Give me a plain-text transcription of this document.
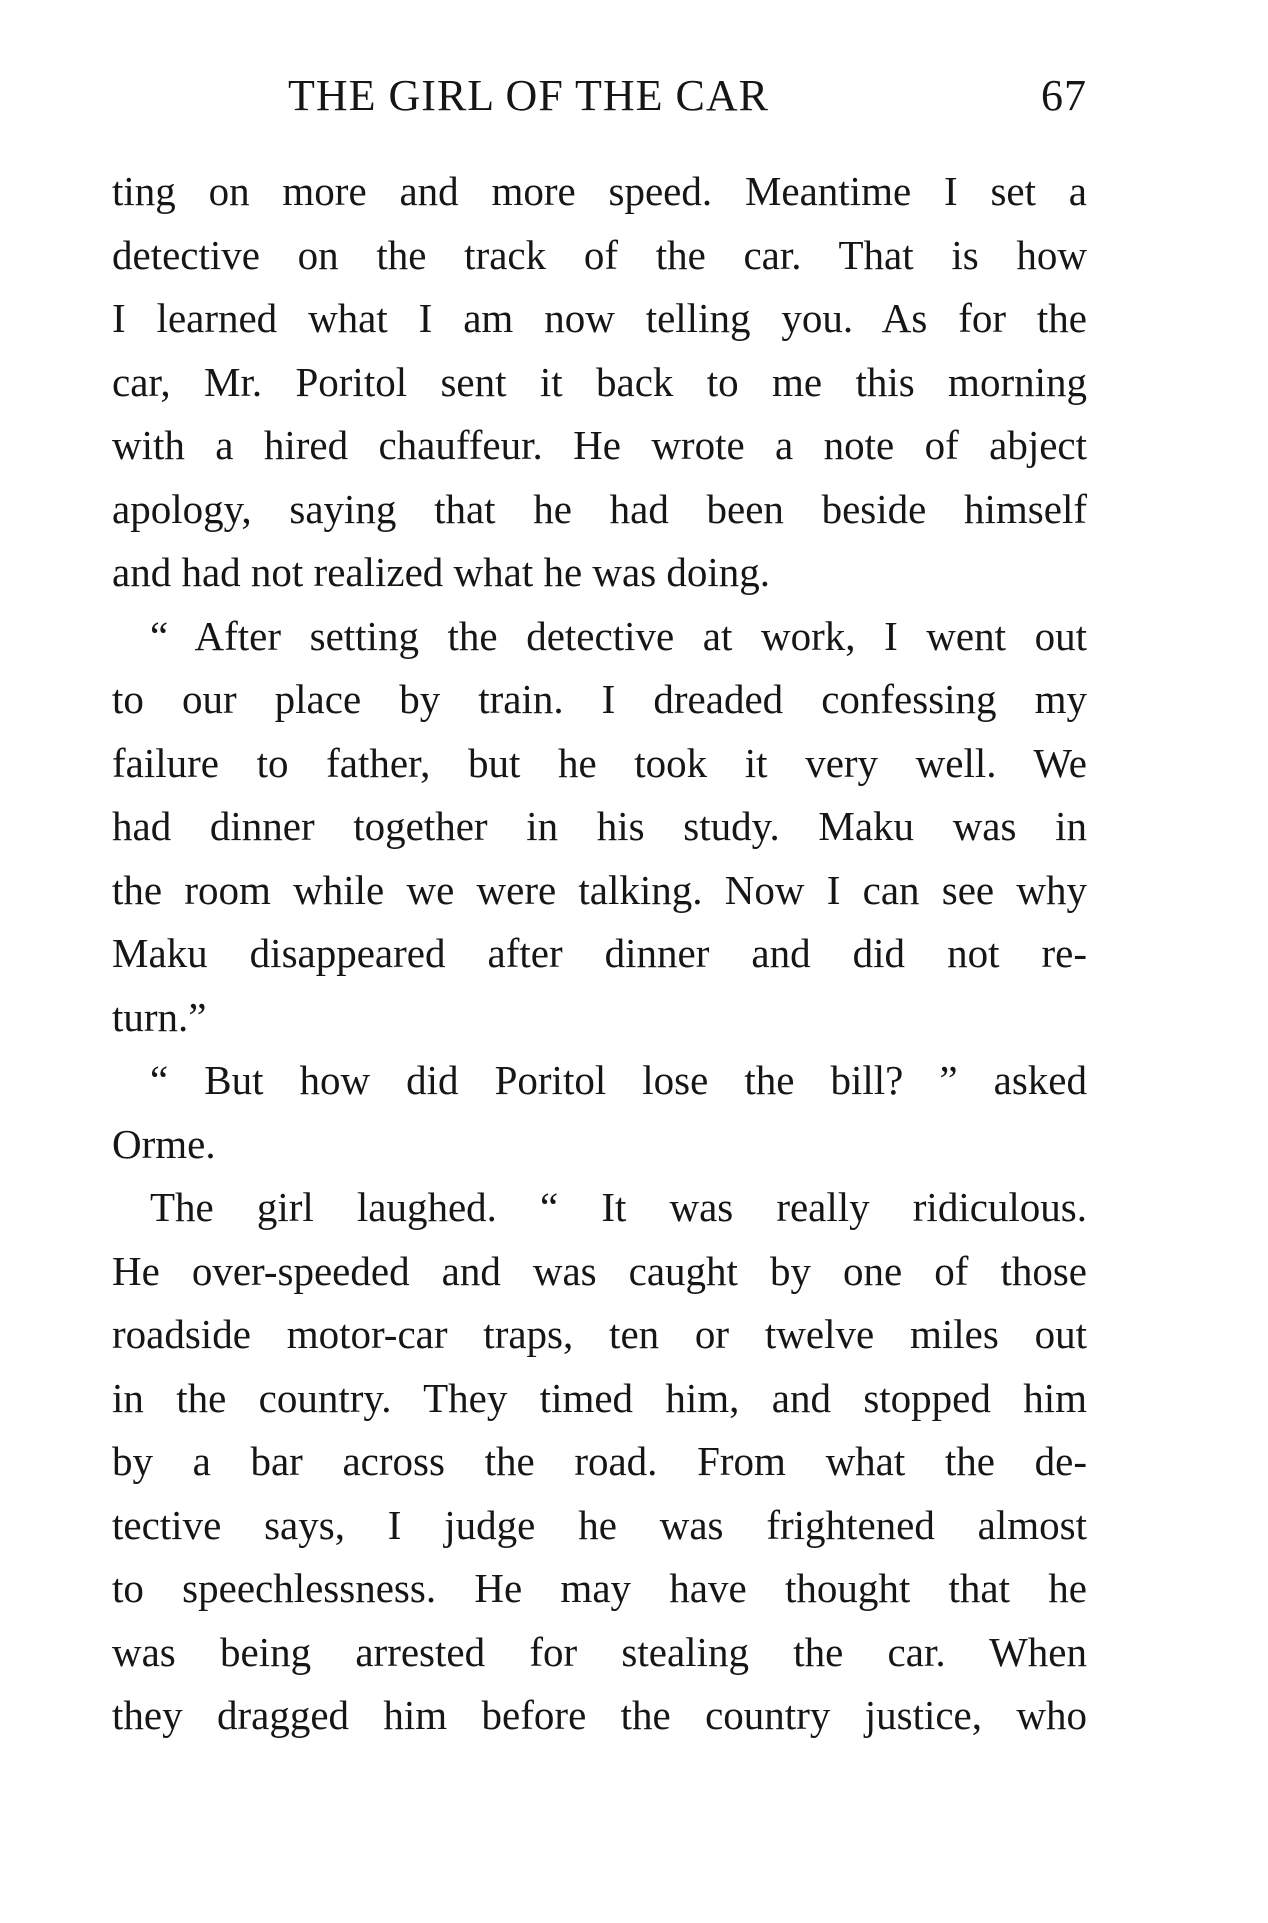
THE GIRL OF THE CAR	67
ting on more and more speed. Meantime I set a
detective on the track of the car. That is how
I learned what I am now telling you. As for the
car, Mr. Poritol sent it back to me this morning
with a hired chauffeur. He wrote a note of abject
apology, saying that he had been beside himself
and had not realized what he was doing.
“ After setting the detective at work, I went out
to our place by train. I dreaded confessing my
failure to father, but he took it very well. We
had dinner together in his study. Maku was in
the room while we were talking. Now I can see why
Maku disappeared after dinner and did not re-
turn.”
“ But how did Poritol lose the bill? ” asked
Orme.
The girl laughed. “ It was really ridiculous.
He over-speeded and was caught by one of those
roadside motor-car traps, ten or twelve miles out
in the country. They timed him, and stopped him
by a bar across the road. From what the de-
tective says, I judge he was frightened almost
to speechlessness. He may have thought that he
was being arrested for stealing the car. When
they dragged him before the country justice, who
